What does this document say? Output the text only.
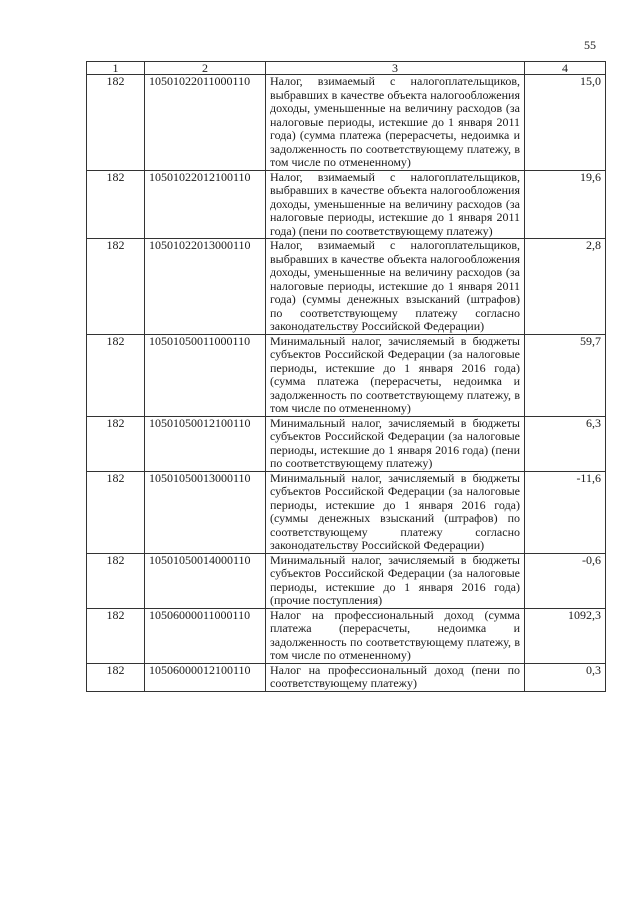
55
1	2	3	4
182	10501022011000110	Налог, взимаемый с налогоплательщиков, выбравших в качестве объекта налогообложения доходы, уменьшенные на величину расходов (за налоговые периоды, истекшие до 1 января 2011 года) (сумма платежа (перерасчеты, недоимка и задолженность по соответствующему платежу, в том числе по отмененному)	15,0
182	10501022012100110	Налог, взимаемый с налогоплательщиков, выбравших в качестве объекта налогообложения доходы, уменьшенные на величину расходов (за налоговые периоды, истекшие до 1 января 2011 года) (пени по соответствующему платежу)	19,6
182	10501022013000110	Налог, взимаемый с налогоплательщиков, выбравших в качестве объекта налогообложения доходы, уменьшенные на величину расходов (за налоговые периоды, истекшие до 1 января 2011 года) (суммы денежных взысканий (штрафов) по соответствующему платежу согласно законодательству Российской Федерации)	2,8
182	10501050011000110	Минимальный налог, зачисляемый в бюджеты субъектов Российской Федерации (за налоговые периоды, истекшие до 1 января 2016 года) (сумма платежа (перерасчеты, недоимка и задолженность по соответствующему платежу, в том числе по отмененному)	59,7
182	10501050012100110	Минимальный налог, зачисляемый в бюджеты субъектов Российской Федерации (за налоговые периоды, истекшие до 1 января 2016 года) (пени по соответствующему платежу)	6,3
182	10501050013000110	Минимальный налог, зачисляемый в бюджеты субъектов Российской Федерации (за налоговые периоды, истекшие до 1 января 2016 года) (суммы денежных взысканий (штрафов) по соответствующему платежу согласно законодательству Российской Федерации)	-11,6
182	10501050014000110	Минимальный налог, зачисляемый в бюджеты субъектов Российской Федерации (за налоговые периоды, истекшие до 1 января 2016 года) (прочие поступления)	-0,6
182	10506000011000110	Налог на профессиональный доход (сумма платежа (перерасчеты, недоимка и задолженность по соответствующему платежу, в том числе по отмененному)	1092,3
182	10506000012100110	Налог на профессиональный доход (пени по соответствующему платежу)	0,3
